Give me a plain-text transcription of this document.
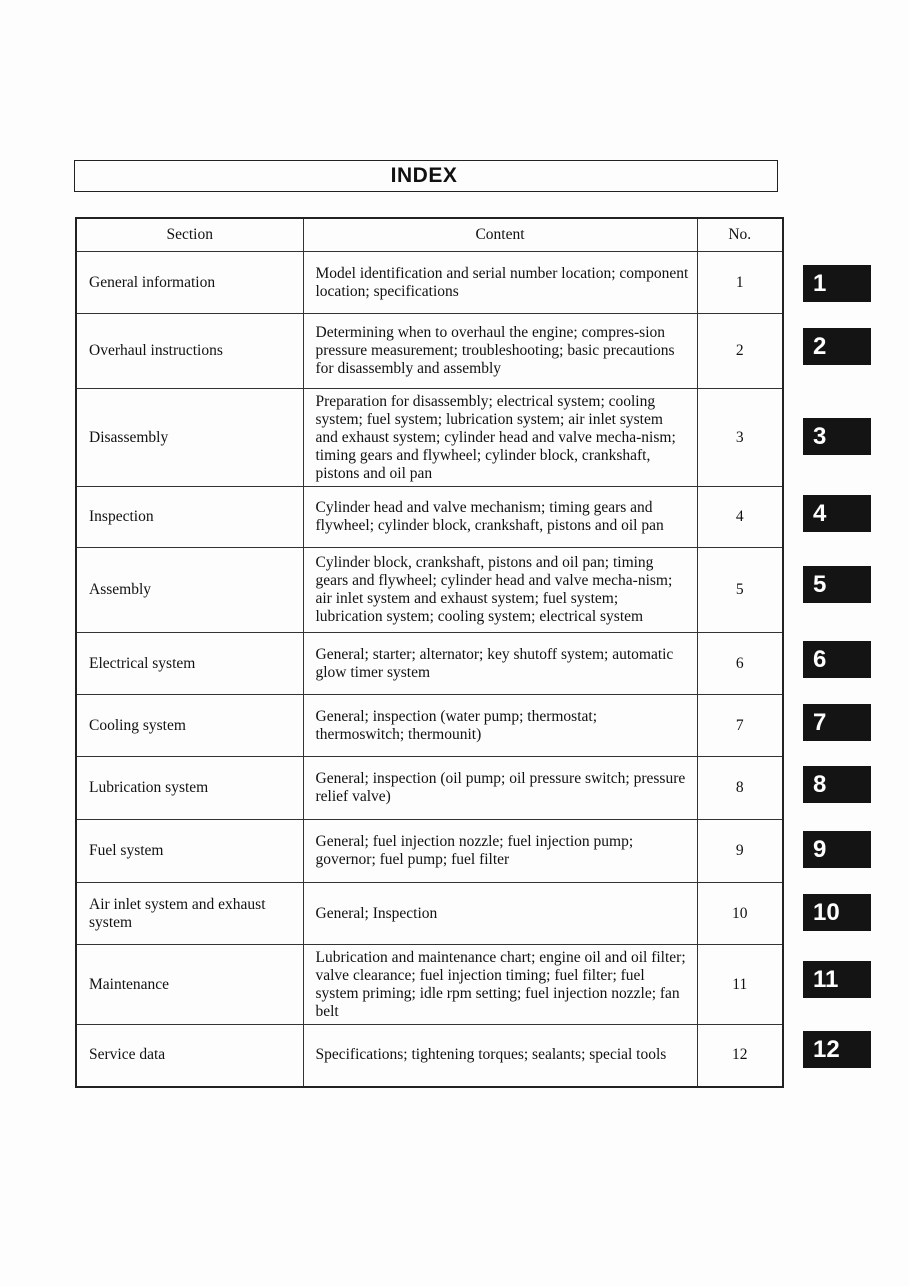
INDEX
Section	Content	No.
General information	Model identification and serial number location; component location; specifications	1
Overhaul instructions	Determining when to overhaul the engine; compres-sion pressure measurement; troubleshooting; basic precautions for disassembly and assembly	2
Disassembly	Preparation for disassembly; electrical system; cooling system; fuel system; lubrication system; air inlet system and exhaust system; cylinder head and valve mecha-nism; timing gears and flywheel; cylinder block, crankshaft, pistons and oil pan	3
Inspection	Cylinder head and valve mechanism; timing gears and flywheel; cylinder block, crankshaft, pistons and oil pan	4
Assembly	Cylinder block, crankshaft, pistons and oil pan; timing gears and flywheel; cylinder head and valve mecha-nism; air inlet system and exhaust system; fuel system; lubrication system; cooling system; electrical system	5
Electrical system	General; starter; alternator; key shutoff system; automatic glow timer system	6
Cooling system	General; inspection (water pump; thermostat; thermoswitch; thermounit)	7
Lubrication system	General; inspection (oil pump; oil pressure switch; pressure relief valve)	8
Fuel system	General; fuel injection nozzle; fuel injection pump; governor; fuel pump; fuel filter	9
Air inlet system and exhaust system	General; Inspection	10
Maintenance	Lubrication and maintenance chart; engine oil and oil filter; valve clearance; fuel injection timing; fuel filter; fuel system priming; idle rpm setting; fuel injection nozzle; fan belt	11
Service data	Specifications; tightening torques; sealants; special tools	12
1
2
3
4
5
6
7
8
9
10
11
12
